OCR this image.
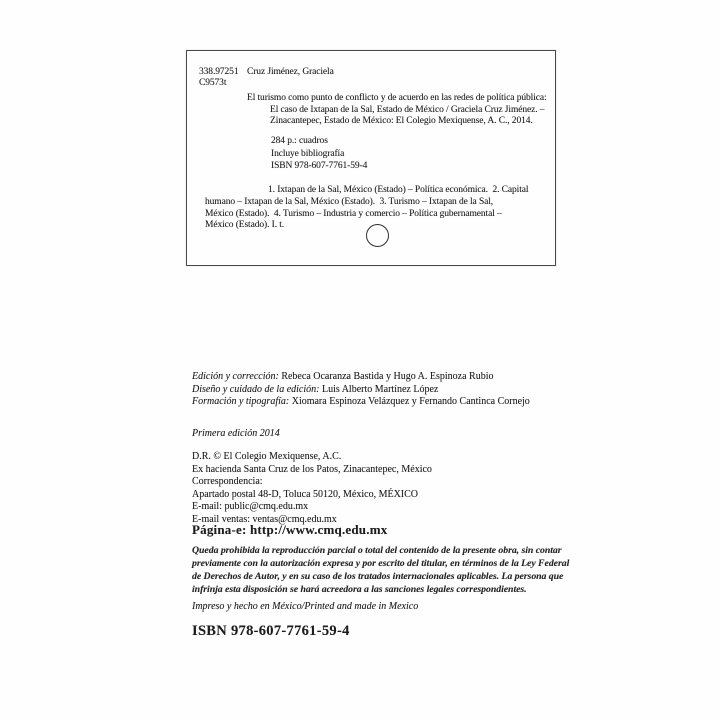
338.97251
C9573t
Cruz Jiménez, Graciela
El turismo como punto de conflicto y de acuerdo en las redes de política pública:
El caso de Ixtapan de la Sal, Estado de México / Graciela Cruz Jiménez. –
Zinacantepec, Estado de México: El Colegio Mexiquense, A. C., 2014.
284 p.: cuadros
Incluye bibliografía
ISBN 978-607-7761-59-4
1. Ixtapan de la Sal, México (Estado) – Política económica.  2. Capital
humano – Ixtapan de la Sal, México (Estado).  3. Turismo – Ixtapan de la Sal,
México (Estado).  4. Turismo – Industria y comercio – Política gubernamental –
México (Estado). I. t.
Edición y corrección: Rebeca Ocaranza Bastida y Hugo A. Espinoza Rubio
Diseño y cuidado de la edición: Luis Alberto Martínez López
Formación y tipografía: Xiomara Espinoza Velázquez y Fernando Cantinca Cornejo
Primera edición 2014
D.R. © El Colegio Mexiquense, A.C.
Ex hacienda Santa Cruz de los Patos, Zinacantepec, México
Correspondencia:
Apartado postal 48-D, Toluca 50120, México, MÉXICO
E-mail: public@cmq.edu.mx
E-mail ventas: ventas@cmq.edu.mx
Página-e: http://www.cmq.edu.mx
Queda prohibida la reproducción parcial o total del contenido de la presente obra, sin contar
previamente con la autorización expresa y por escrito del titular, en términos de la Ley Federal
de Derechos de Autor, y en su caso de los tratados internacionales aplicables. La persona que
infrinja esta disposición se hará acreedora a las sanciones legales correspondientes.
Impreso y hecho en México/Printed and made in Mexico
ISBN 978-607-7761-59-4
